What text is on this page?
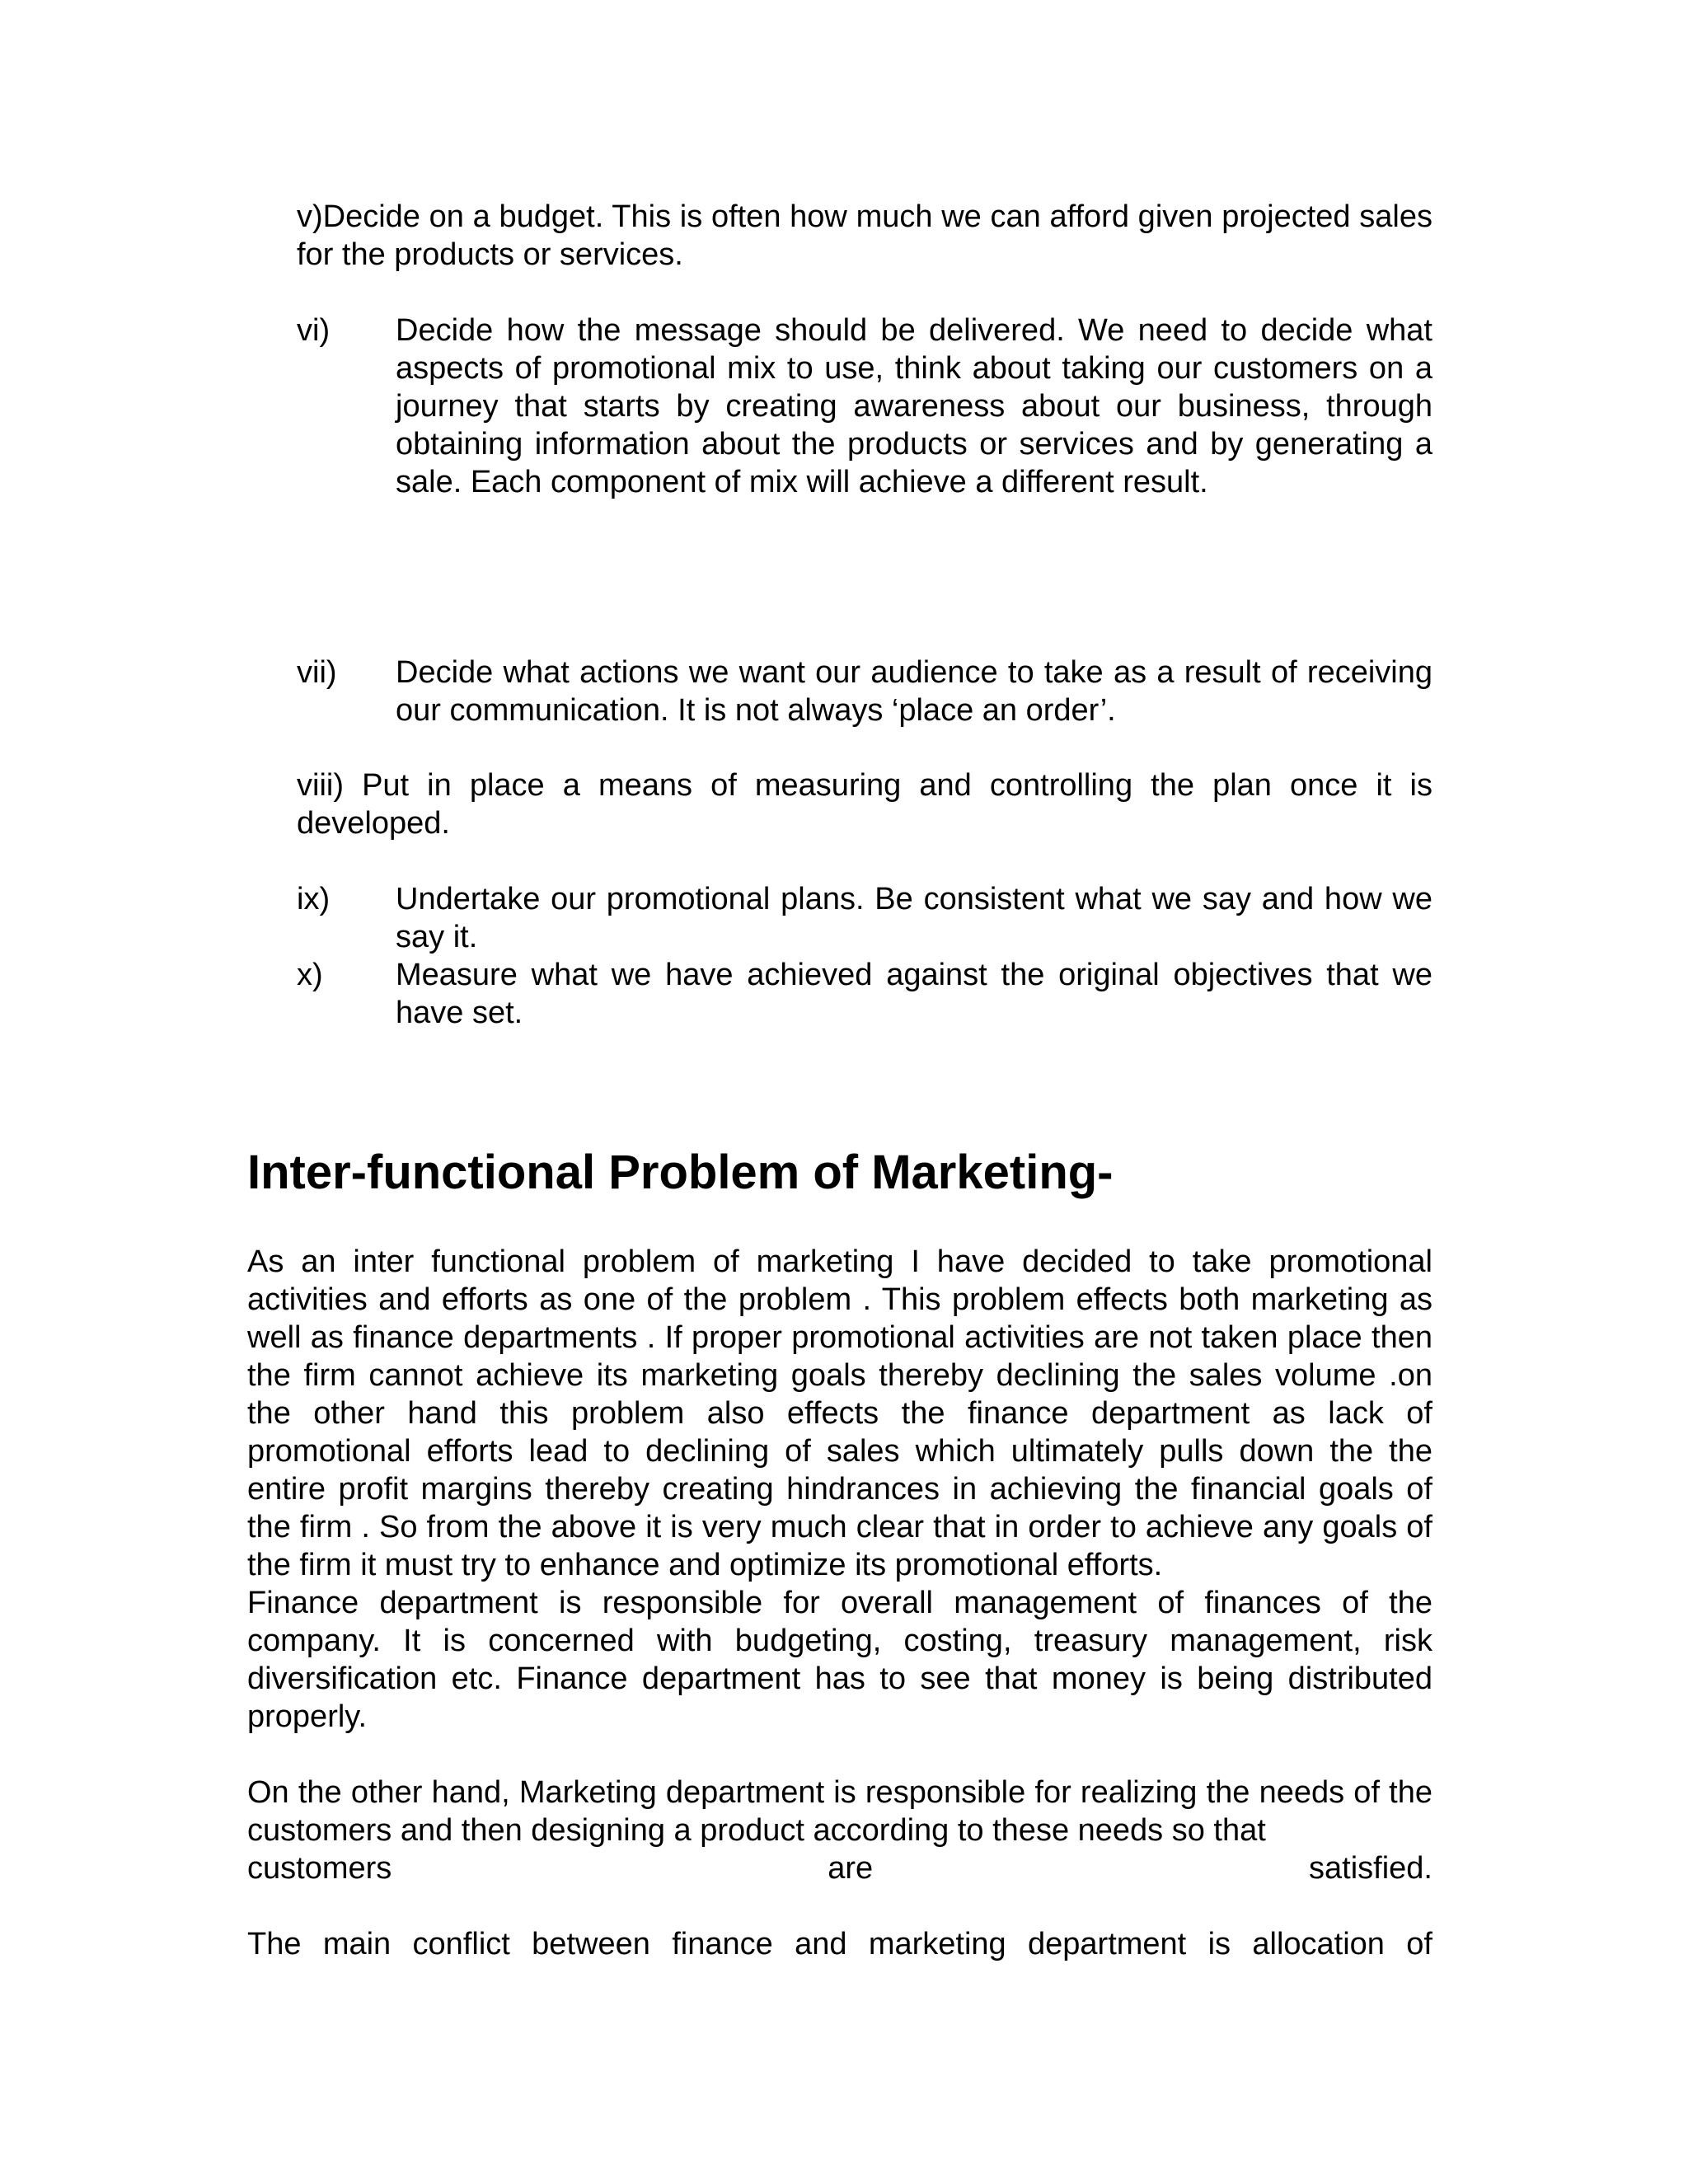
v)Decide on a budget. This is often how much we can afford given projected sales for the products or services.
vi) Decide how the message should be delivered. We need to decide what aspects of promotional mix to use, think about taking our customers on a journey that starts by creating awareness about our business, through obtaining information about the products or services and by generating a sale. Each component of mix will achieve a different result.
vii) Decide what actions we want our audience to take as a result of receiving our communication. It is not always ‘place an order’.
viii) Put in place a means of measuring and controlling the plan once it is developed.
ix) Undertake our promotional plans. Be consistent what we say and how we say it.
x) Measure what we have achieved against the original objectives that we have set.
Inter-functional Problem of Marketing-
As an inter functional problem of marketing I have decided to take promotional activities and efforts as one of the problem . This problem effects both marketing as well as finance departments . If proper promotional activities are not taken place then the firm cannot achieve its marketing goals thereby declining the sales volume .on the other hand this problem also effects the finance department as lack of promotional efforts lead to declining of sales which ultimately pulls down the the entire profit margins thereby creating hindrances in achieving the financial goals of the firm . So from the above it is very much clear that in order to achieve any goals of the firm it must try to enhance and optimize its promotional efforts.
Finance department is responsible for overall management of finances of the company. It is concerned with budgeting, costing, treasury management, risk diversification etc. Finance department has to see that money is being distributed properly.
On the other hand, Marketing department is responsible for realizing the needs of the customers and then designing a product according to these needs so that
customers	are	satisfied.
The main conflict between finance and marketing department is allocation of
